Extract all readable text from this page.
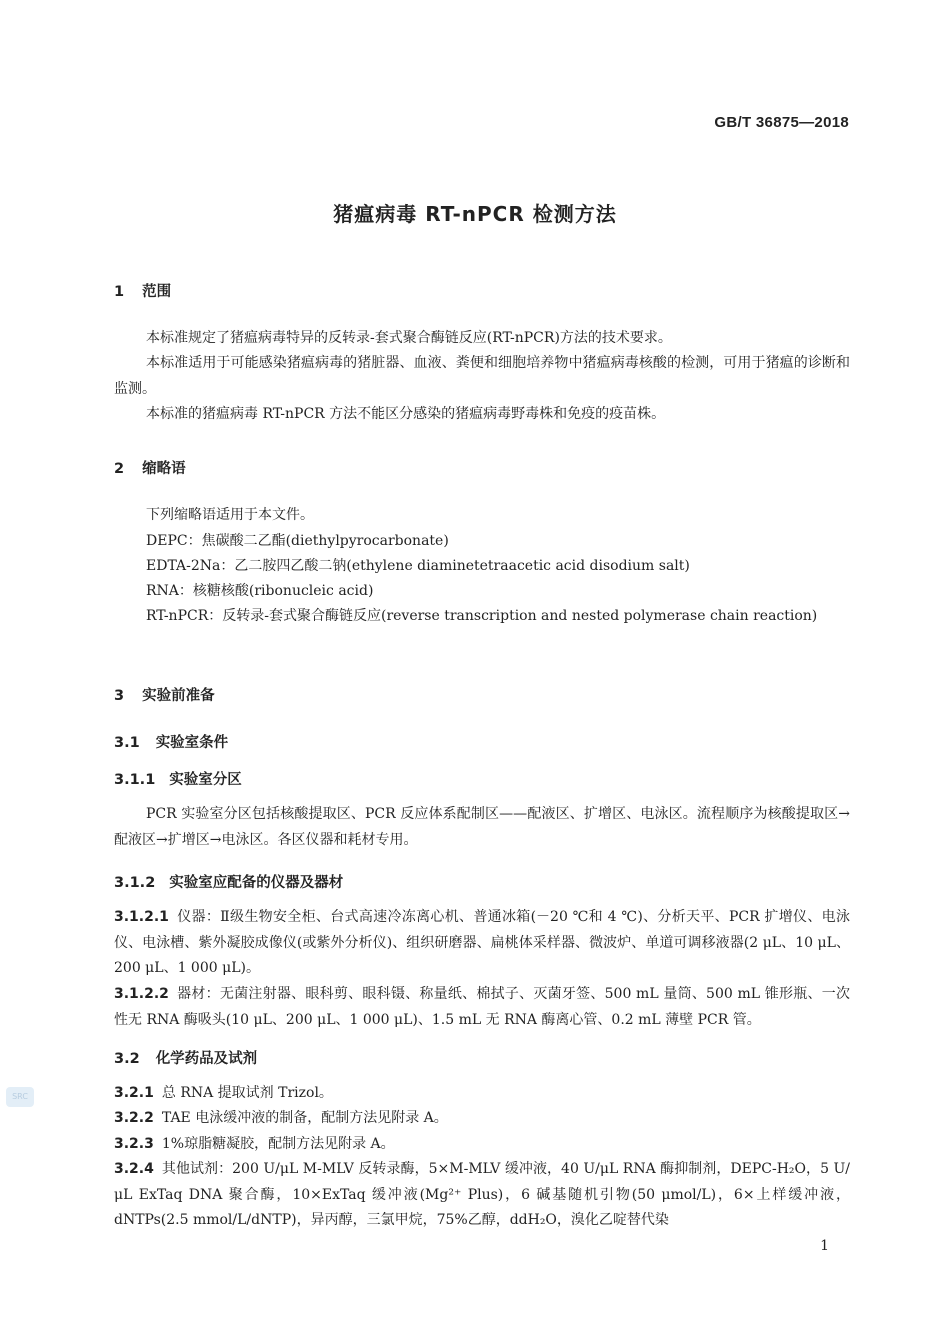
GB/T 36875—2018
猪瘟病毒 RT-nPCR 检测方法
SRC
1 范围
本标准规定了猪瘟病毒特异的反转录-套式聚合酶链反应(RT-nPCR)方法的技术要求。
本标准适用于可能感染猪瘟病毒的猪脏器、血液、粪便和细胞培养物中猪瘟病毒核酸的检测，可用于猪瘟的诊断和监测。
本标准的猪瘟病毒 RT-nPCR 方法不能区分感染的猪瘟病毒野毒株和免疫的疫苗株。
2 缩略语
下列缩略语适用于本文件。
DEPC：焦碳酸二乙酯(diethylpyrocarbonate)
EDTA-2Na：乙二胺四乙酸二钠(ethylene diaminetetraacetic acid disodium salt)
RNA：核糖核酸(ribonucleic acid)
RT-nPCR：反转录-套式聚合酶链反应(reverse transcription and nested polymerase chain reaction)
3 实验前准备
3.1 实验室条件
3.1.1 实验室分区
PCR 实验室分区包括核酸提取区、PCR 反应体系配制区——配液区、扩增区、电泳区。流程顺序为核酸提取区→配液区→扩增区→电泳区。各区仪器和耗材专用。
3.1.2 实验室应配备的仪器及器材
3.1.2.1 仪器：Ⅱ级生物安全柜、台式高速冷冻离心机、普通冰箱(－20 ℃和 4 ℃)、分析天平、PCR 扩增仪、电泳仪、电泳槽、紫外凝胶成像仪(或紫外分析仪)、组织研磨器、扁桃体采样器、微波炉、单道可调移液器(2 μL、10 μL、200 μL、1 000 μL)。
3.1.2.2 器材：无菌注射器、眼科剪、眼科镊、称量纸、棉拭子、灭菌牙签、500 mL 量筒、500 mL 锥形瓶、一次性无 RNA 酶吸头(10 μL、200 μL、1 000 μL)、1.5 mL 无 RNA 酶离心管、0.2 mL 薄壁 PCR 管。
3.2 化学药品及试剂
3.2.1 总 RNA 提取试剂 Trizol。
3.2.2 TAE 电泳缓冲液的制备，配制方法见附录 A。
3.2.3 1%琼脂糖凝胶，配制方法见附录 A。
3.2.4 其他试剂：200 U/μL M-MLV 反转录酶，5×M-MLV 缓冲液，40 U/μL RNA 酶抑制剂，DEPC-H₂O，5 U/μL ExTaq DNA 聚合酶，10×ExTaq 缓冲液(Mg²⁺ Plus)，6 碱基随机引物(50 μmol/L)，6×上样缓冲液，dNTPs(2.5 mmol/L/dNTP)，异丙醇，三氯甲烷，75%乙醇，ddH₂O，溴化乙啶替代染
1
